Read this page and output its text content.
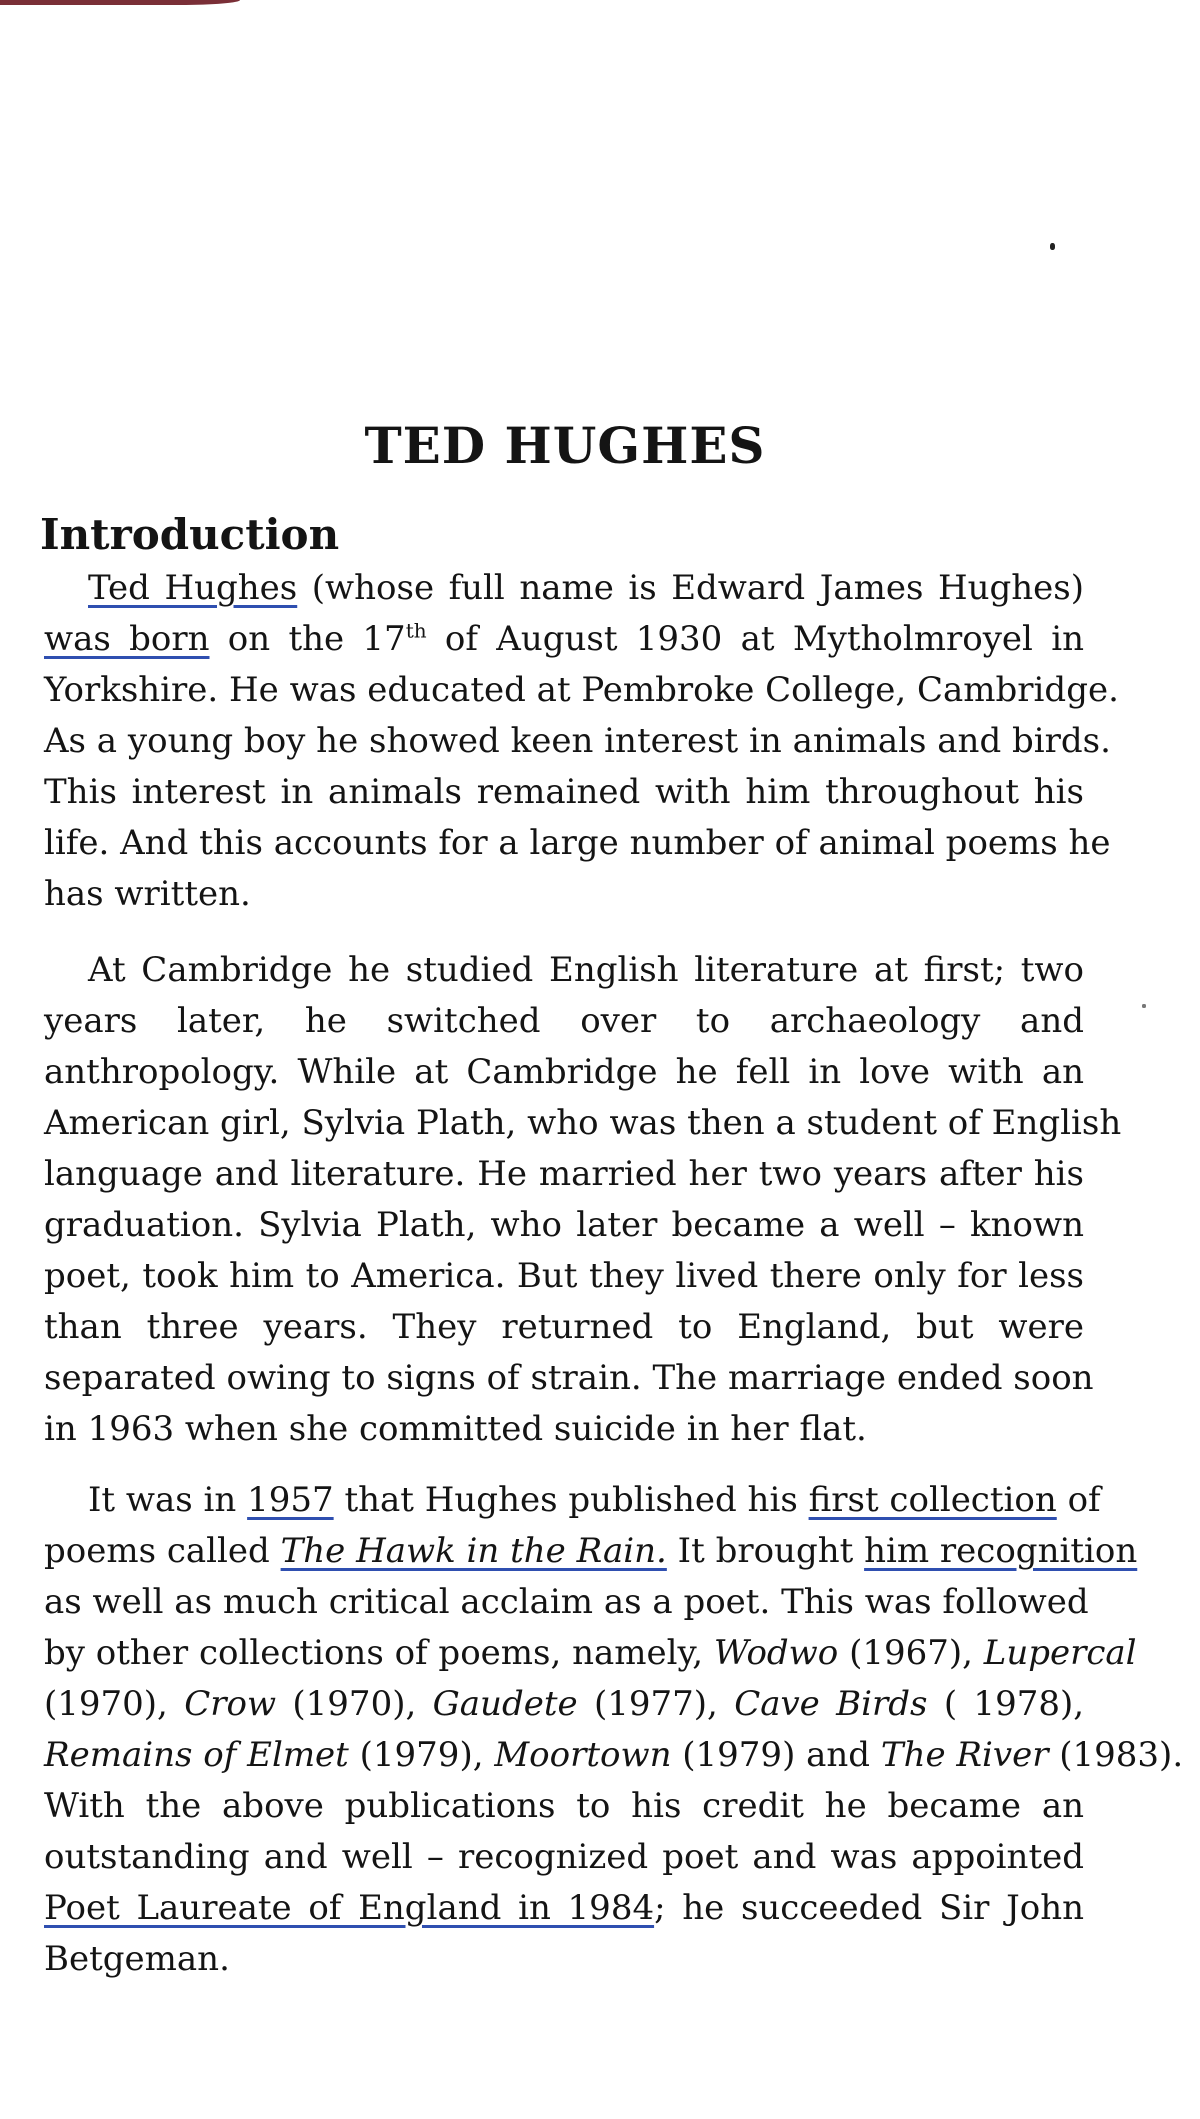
TED HUGHES
Introduction
Ted Hughes (whose full name is Edward James Hughes)
was born on the 17th of August 1930 at Mytholmroyel in
Yorkshire. He was educated at Pembroke College, Cambridge.
As a young boy he showed keen interest in animals and birds.
This interest in animals remained with him throughout his
life. And this accounts for a large number of animal poems he
has written.
At Cambridge he studied English literature at first; two
years later, he switched over to archaeology and
anthropology. While at Cambridge he fell in love with an
American girl, Sylvia Plath, who was then a student of English
language and literature. He married her two years after his
graduation. Sylvia Plath, who later became a well – known
poet, took him to America. But they lived there only for less
than three years. They returned to England, but were
separated owing to signs of strain. The marriage ended soon
in 1963 when she committed suicide in her flat.
It was in 1957 that Hughes published his first collection of
poems called The Hawk in the Rain. It brought him recognition
as well as much critical acclaim as a poet. This was followed
by other collections of poems, namely, Wodwo (1967), Lupercal
(1970), Crow (1970), Gaudete (1977), Cave Birds ( 1978),
Remains of Elmet (1979), Moortown (1979) and The River (1983).
With the above publications to his credit he became an
outstanding and well – recognized poet and was appointed
Poet Laureate of England in 1984; he succeeded Sir John
Betgeman.
